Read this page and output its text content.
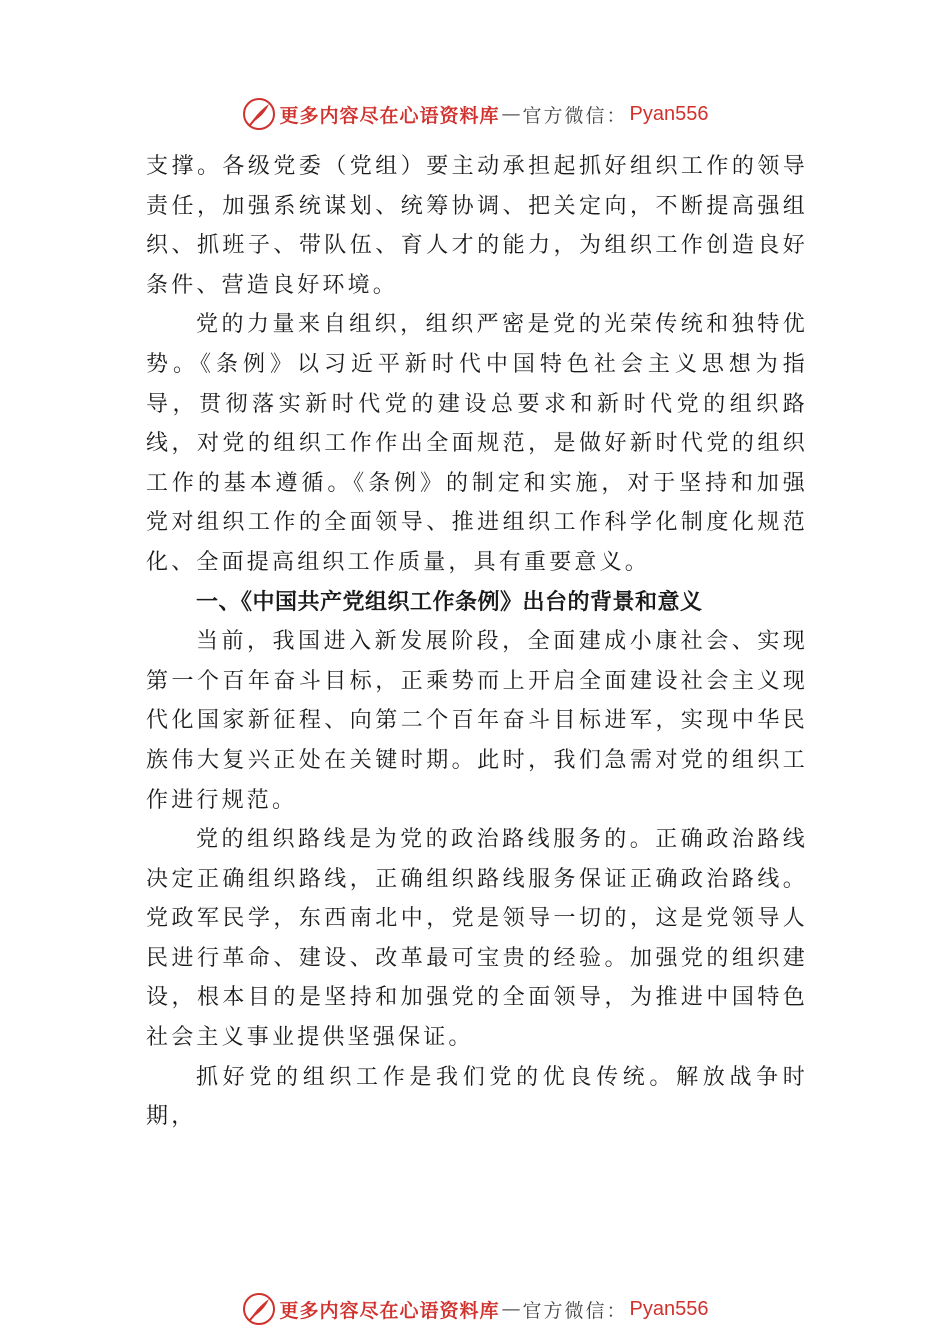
更多内容尽在心语资料库 — 官方微信： Pyan556

支撑。各级党委（党组）要主动承担起抓好组织工作的领导责任，加强系统谋划、统筹协调、把关定向，不断提高强组织、抓班子、带队伍、育人才的能力，为组织工作创造良好条件、营造良好环境。

党的力量来自组织，组织严密是党的光荣传统和独特优势。《条例》以习近平新时代中国特色社会主义思想为指导，贯彻落实新时代党的建设总要求和新时代党的组织路线，对党的组织工作作出全面规范，是做好新时代党的组织工作的基本遵循。《条例》的制定和实施，对于坚持和加强党对组织工作的全面领导、推进组织工作科学化制度化规范化、全面提高组织工作质量，具有重要意义。

一、《中国共产党组织工作条例》出台的背景和意义

当前，我国进入新发展阶段，全面建成小康社会、实现第一个百年奋斗目标，正乘势而上开启全面建设社会主义现代化国家新征程、向第二个百年奋斗目标进军，实现中华民族伟大复兴正处在关键时期。此时，我们急需对党的组织工作进行规范。

党的组织路线是为党的政治路线服务的。正确政治路线决定正确组织路线，正确组织路线服务保证正确政治路线。 党政军民学，东西南北中，党是领导一切的，这是党领导人民进行革命、建设、改革最可宝贵的经验。加强党的组织建设，根本目的是坚持和加强党的全面领导，为推进中国特色社会主义事业提供坚强保证。

抓好党的组织工作是我们党的优良传统。解放战争时期，

更多内容尽在心语资料库 — 官方微信： Pyan556
